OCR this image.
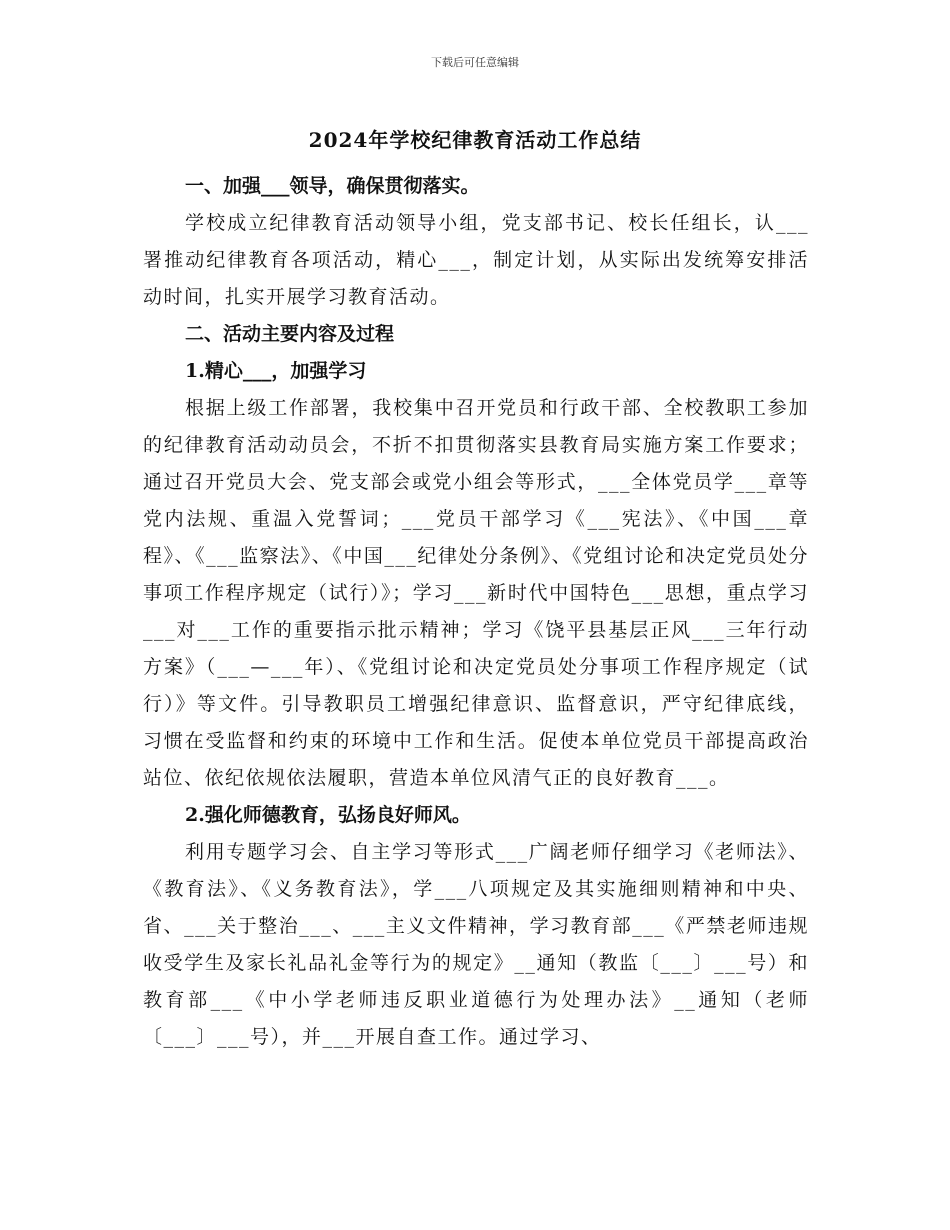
下载后可任意编辑
2024年学校纪律教育活动工作总结

一、加强___领导，确保贯彻落实。

学校成立纪律教育活动领导小组，党支部书记、校长任组长，认___署推动纪律教育各项活动，精心___，制定计划，从实际出发统筹安排活动时间，扎实开展学习教育活动。

二、活动主要内容及过程

1.精心___，加强学习

根据上级工作部署，我校集中召开党员和行政干部、全校教职工参加的纪律教育活动动员会，不折不扣贯彻落实县教育局实施方案工作要求；通过召开党员大会、党支部会或党小组会等形式，___全体党员学___章等党内法规、重温入党誓词；___党员干部学习《___宪法》、《中国___章程》、《___监察法》、《中国___纪律处分条例》、《党组讨论和决定党员处分事项工作程序规定（试行）》；学习___新时代中国特色___思想，重点学习___对___工作的重要指示批示精神；学习《饶平县基层正风___三年行动方案》（___—___年）、《党组讨论和决定党员处分事项工作程序规定（试行）》等文件。引导教职员工增强纪律意识、监督意识，严守纪律底线，习惯在受监督和约束的环境中工作和生活。促使本单位党员干部提高政治站位、依纪依规依法履职，营造本单位风清气正的良好教育___。

2.强化师德教育，弘扬良好师风。

利用专题学习会、自主学习等形式___广阔老师仔细学习《老师法》、《教育法》、《义务教育法》，学___八项规定及其实施细则精神和中央、省、___关于整治___、___主义文件精神，学习教育部___《严禁老师违规收受学生及家长礼品礼金等行为的规定》__通知（教监〔___〕___号）和教育部___《中小学老师违反职业道德行为处理办法》__通知（老师〔___〕___号），并___开展自查工作。通过学习、
